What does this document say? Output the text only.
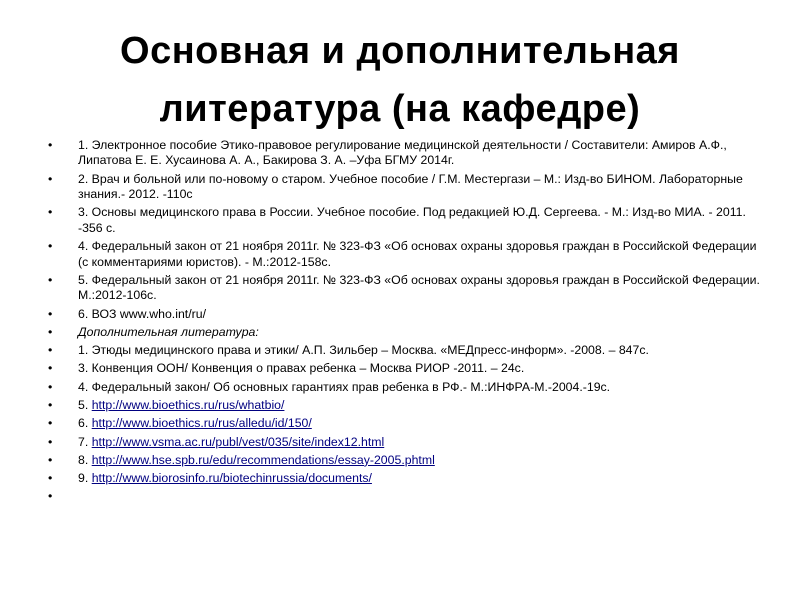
Основная и дополнительная
литература (на кафедре)
•	1. Электронное пособие Этико-правовое регулирование медицинской деятельности / Составители: Амиров А.Ф., Липатова Е. Е. Хусаинова А. А., Бакирова З. А. –Уфа БГМУ 2014г.
•	2. Врач и больной или по-новому о старом. Учебное пособие / Г.М. Местергази – М.: Изд-во БИНОМ. Лабораторные знания.- 2012. -110с
•	3. Основы медицинского права в России. Учебное пособие. Под редакцией Ю.Д. Сергеева. - М.: Изд-во МИА. - 2011. -356 с.
•	4. Федеральный закон от 21 ноября 2011г. № 323-ФЗ «Об основах охраны здоровья граждан в Российской Федерации (с комментариями юристов). - М.:2012-158с.
•	5. Федеральный закон от 21 ноября 2011г. № 323-ФЗ «Об основах охраны здоровья граждан в Российской Федерации. М.:2012-106с.
•	6. ВОЗ www.who.int/ru/
•	Дополнительная литература:
•	1. Этюды медицинского права и этики/ А.П. Зильбер – Москва. «МЕДпресс-информ». -2008. – 847с.
•	3. Конвенция ООН/ Конвенция о правах ребенка – Москва РИОР -2011. – 24с.
•	4. Федеральный закон/ Об основных гарантиях прав ребенка в РФ.- М.:ИНФРА-М.-2004.-19с.
•	5. http://www.bioethics.ru/rus/whatbio/
•	6. http://www.bioethics.ru/rus/alledu/id/150/
•	7. http://www.vsma.ac.ru/publ/vest/035/site/index12.html
•	8. http://www.hse.spb.ru/edu/recommendations/essay-2005.phtml
•	9. http://www.biorosinfo.ru/biotechinrussia/documents/
•
